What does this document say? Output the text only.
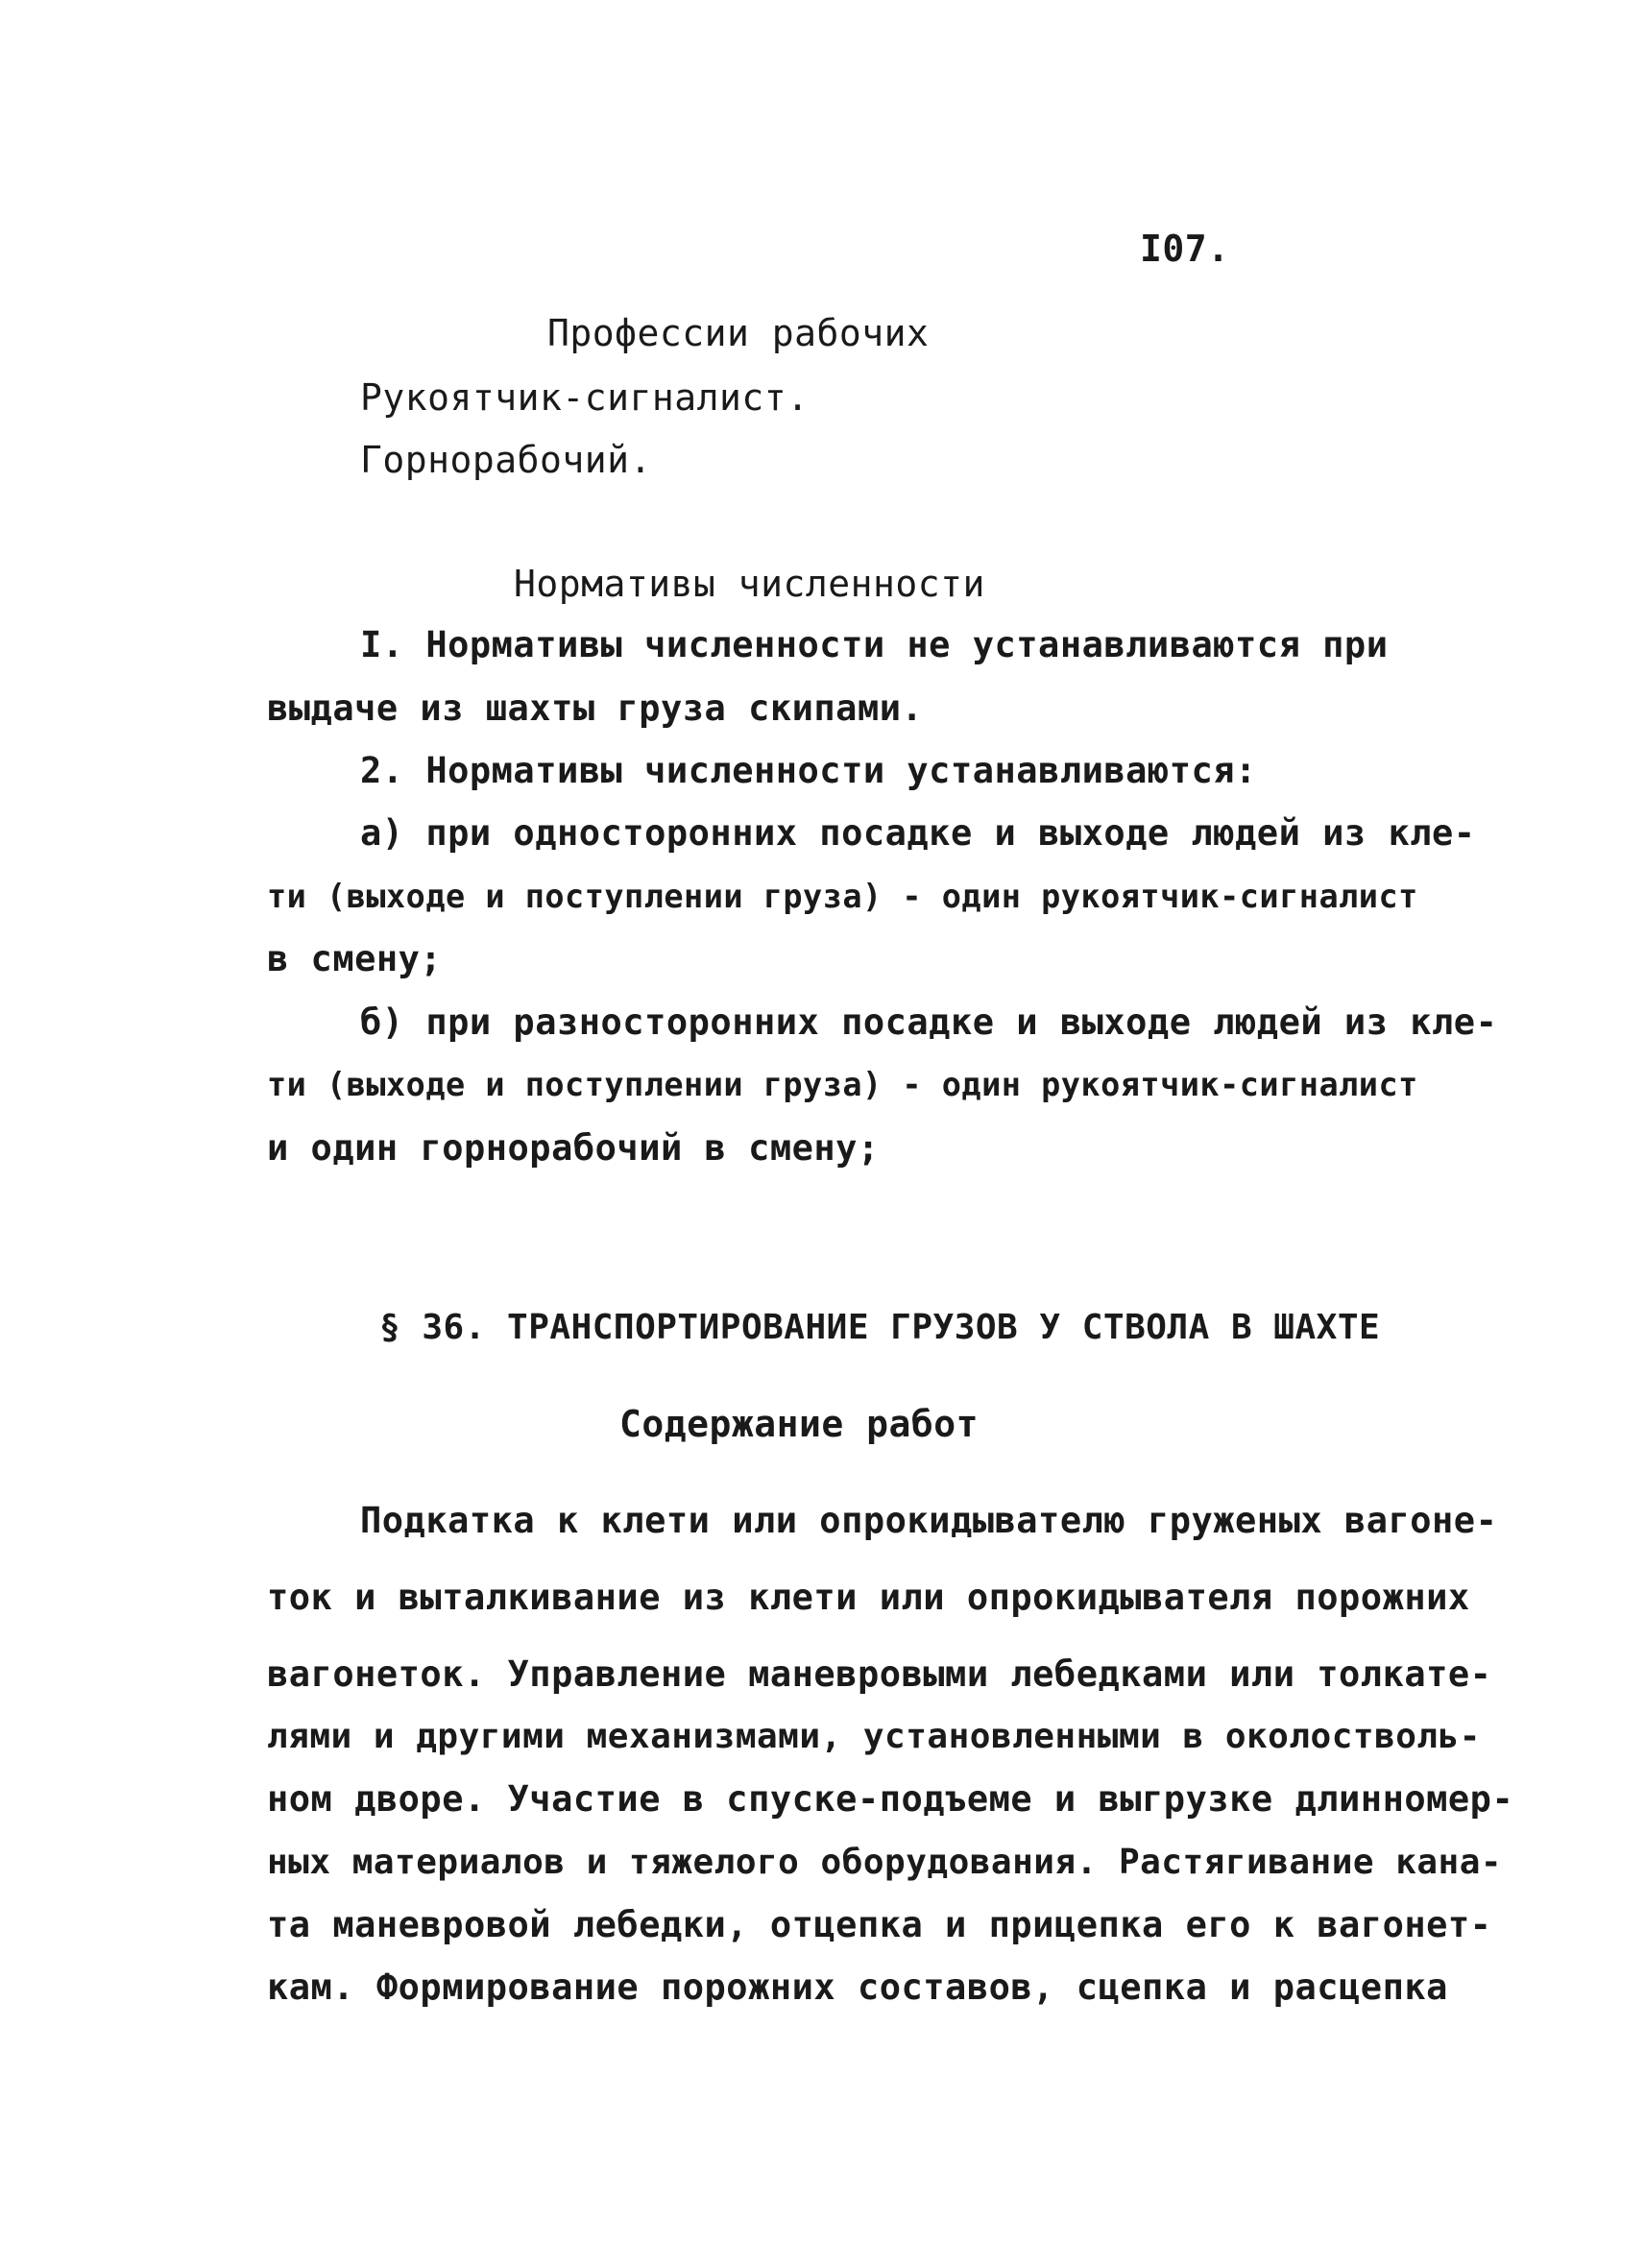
I07.
Профессии рабочих
Рукоятчик-сигналист.
Горнорабочий.
Нормативы численности
I. Нормативы численности не устанавливаются при
выдаче из шахты груза скипами.
2. Нормативы численности устанавливаются:
а) при односторонних посадке и выходе людей из кле-
ти (выходе и поступлении груза) - один рукоятчик-сигналист
в смену;
б) при разносторонних посадке и выходе людей из кле-
ти (выходе и поступлении груза) - один рукоятчик-сигналист
и один горнорабочий в смену;
§ 36. ТРАНСПОРТИРОВАНИЕ ГРУЗОВ У СТВОЛА В ШАХТЕ
Содержание работ
Подкатка к клети или опрокидывателю груженых вагоне-
ток и выталкивание из клети или опрокидывателя порожних
вагонеток. Управление маневровыми лебедками или толкате-
лями и другими механизмами, установленными в околостволь-
ном дворе. Участие в спуске-подъеме и выгрузке длинномер-
ных материалов и тяжелого оборудования. Растягивание кана-
та маневровой лебедки, отцепка и прицепка его к вагонет-
кам. Формирование порожних составов, сцепка и расцепка
